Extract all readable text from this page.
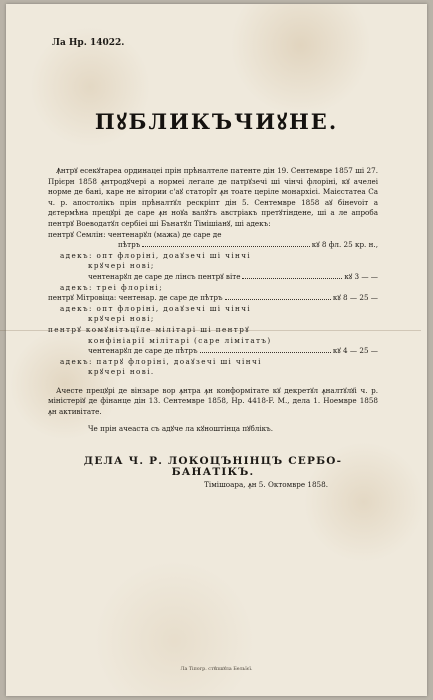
Ла Нр. 14022.
ПꙋБЛИКЪЧИꙋНЕ.

Ꙟнтрꙋ есекꙋтареа ординацеі прін прѣналтеле патенте дін 19. Сентемвре 1857 ші 27. Прієрн 1858 ꙟнтродꙋчері а нормеі легале де патрꙋзечі ші чінчі флоріні, кꙋ ачелеі норме де бані, каре не вітории с'аꙋ статорїт ꙟн тоате церіле монархієі. Маієстатеа Са ч. р. апостолікъ прін прѣналтꙋл рескріпт дін 5. Сентемвре 1858 аꙋ бінеvоіт а дєтермѣна прецꙋрі де саре ꙟн ноꙋа валꙋтъ австріакъ претꙋтіндене, ші а ле апроба пентрꙋ Воеводатꙋл сербіеі ші Бънатꙋл Тімішіанꙋ, ші адекъ:

пентрꙋ Семлін: чентенарꙋл (мажа) де саре де
пѣтръ	кꙋ 8 фл. 25 кр. н.,
адекъ: опт флоріні, доаꙋзечі ші чінчі
крꙋчері нові;
чентенарꙋл де саре де лінсъ пентрꙋ віте	кꙋ 3 — —
адекъ: треі флоріні;
пентрꙋ Мітровіца: чентенар. де саре де пѣтръ	кꙋ 8 — 25 —
адекъ: опт флоріні, доаꙋзечі ші чінчі
крꙋчері нові;
пентрꙋ комꙋнітъцїле мілітарі ші пентрꙋ
конфініарії мілітарі (саре лімітатъ)
чентенарꙋл де саре де пѣтръ	кꙋ 4 — 25 —
адекъ: патрꙋ флоріні, доаꙋзечі ші чінчі
крꙋчері нові.

Ачесте прецꙋрі де вінзаре вор ꙟнтра ꙟн конформітате кꙋ декретꙋл ꙟналтꙋлꙋі ч. р. міністеріꙋ де фінанце дін 13. Сентемвре 1858, Нр. 4418-F. M., дела 1. Ноемвре 1858 ꙟн активітате.

Че прін ачеаста съ адꙋче ла кꙋноштінца пꙋблікъ.

ДЕЛА Ч. Р. ЛОКОЦЪНІНЦЪ СЕРБО-БАНАТІКЪ.
Тімішоара, ꙟн 5. Октомвре 1858.
Ла Тіпогр. стꙋпшꙋла Бельїєї.
